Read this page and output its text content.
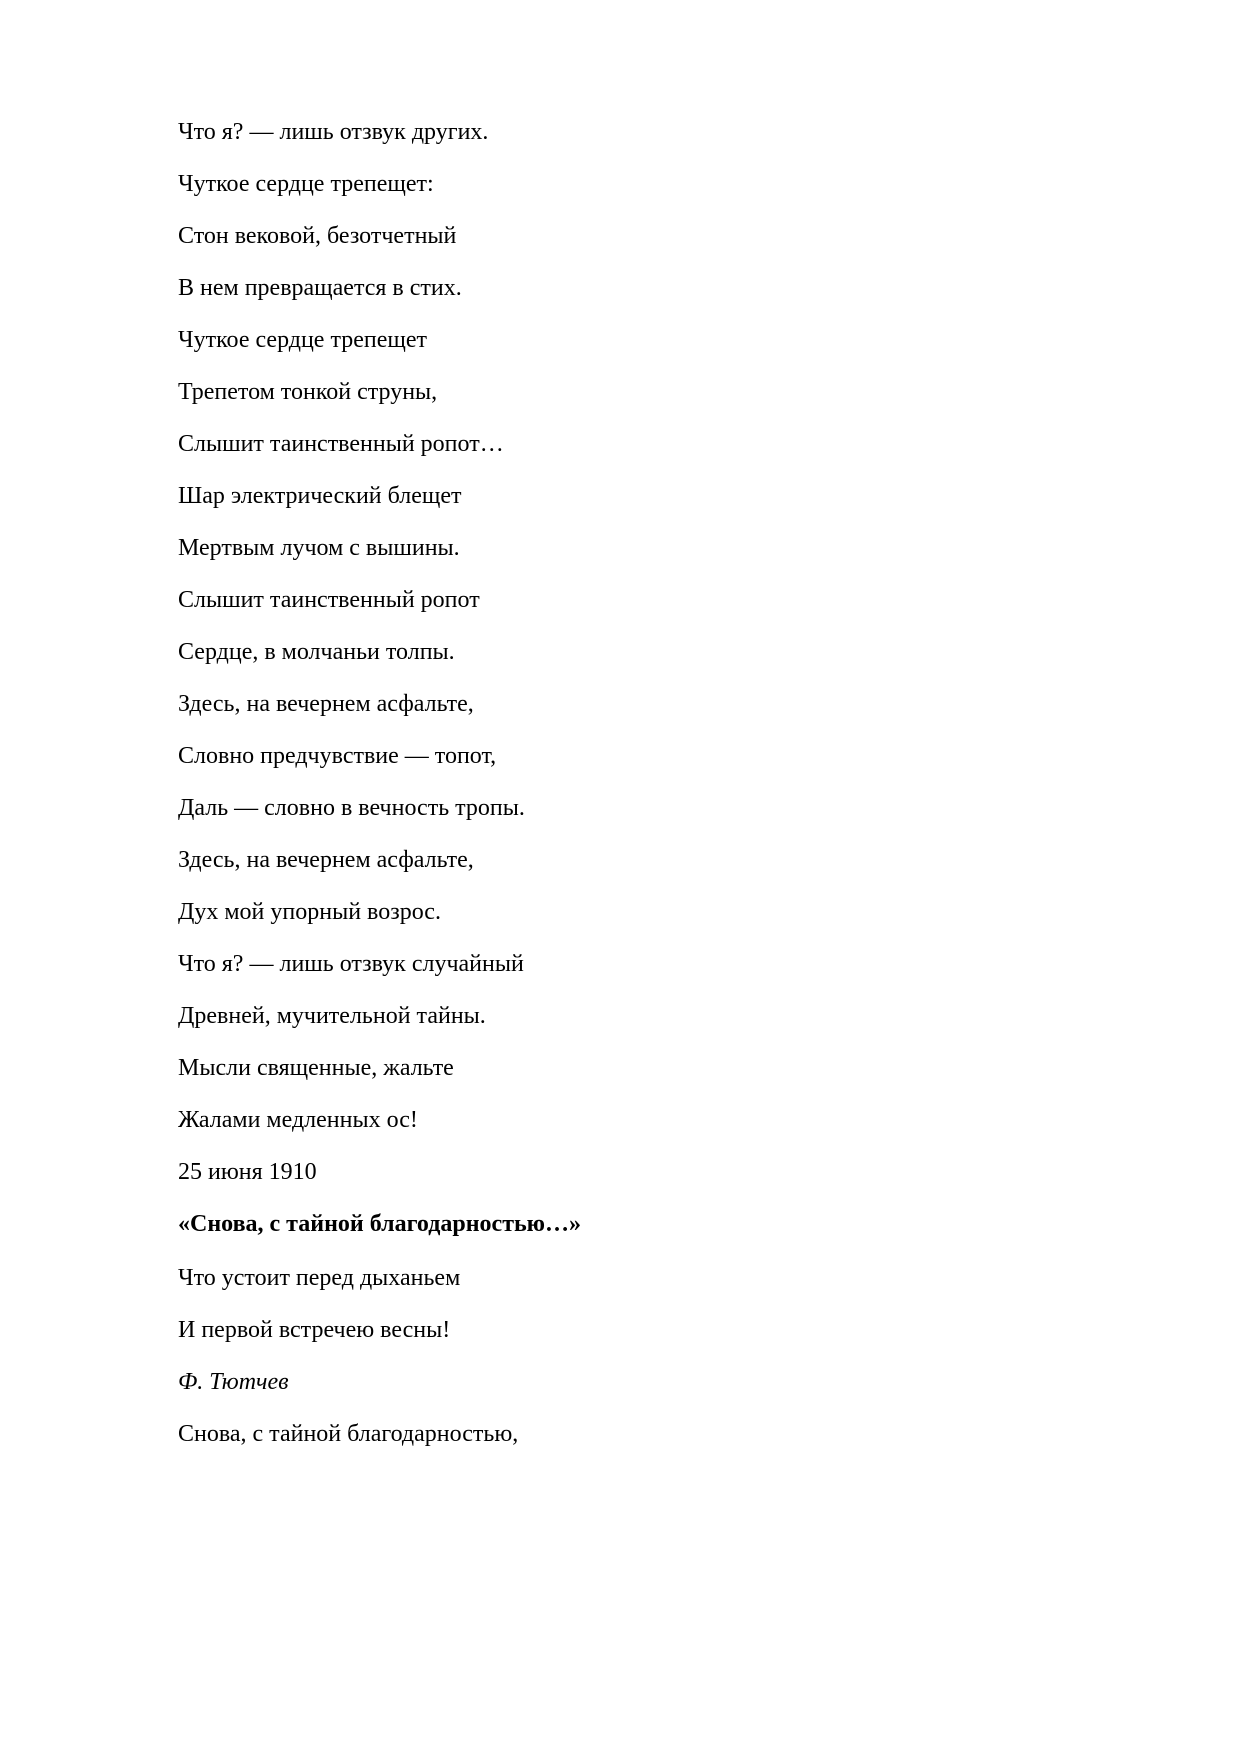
Что я? — лишь отзвук других.
Чуткое сердце трепещет:
Стон вековой, безотчетный
В нем превращается в стих.
Чуткое сердце трепещет
Трепетом тонкой струны,
Слышит таинственный ропот…
Шар электрический блещет
Мертвым лучом с вышины.
Слышит таинственный ропот
Сердце, в молчаньи толпы.
Здесь, на вечернем асфальте,
Словно предчувствие — топот,
Даль — словно в вечность тропы.
Здесь, на вечернем асфальте,
Дух мой упорный возрос.
Что я? — лишь отзвук случайный
Древней, мучительной тайны.
Мысли священные, жальте
Жалами медленных ос!
25 июня 1910
«Снова, с тайной благодарностью…»
Что устоит перед дыханьем
И первой встречею весны!
Ф. Тютчев
Снова, с тайной благодарностью,
